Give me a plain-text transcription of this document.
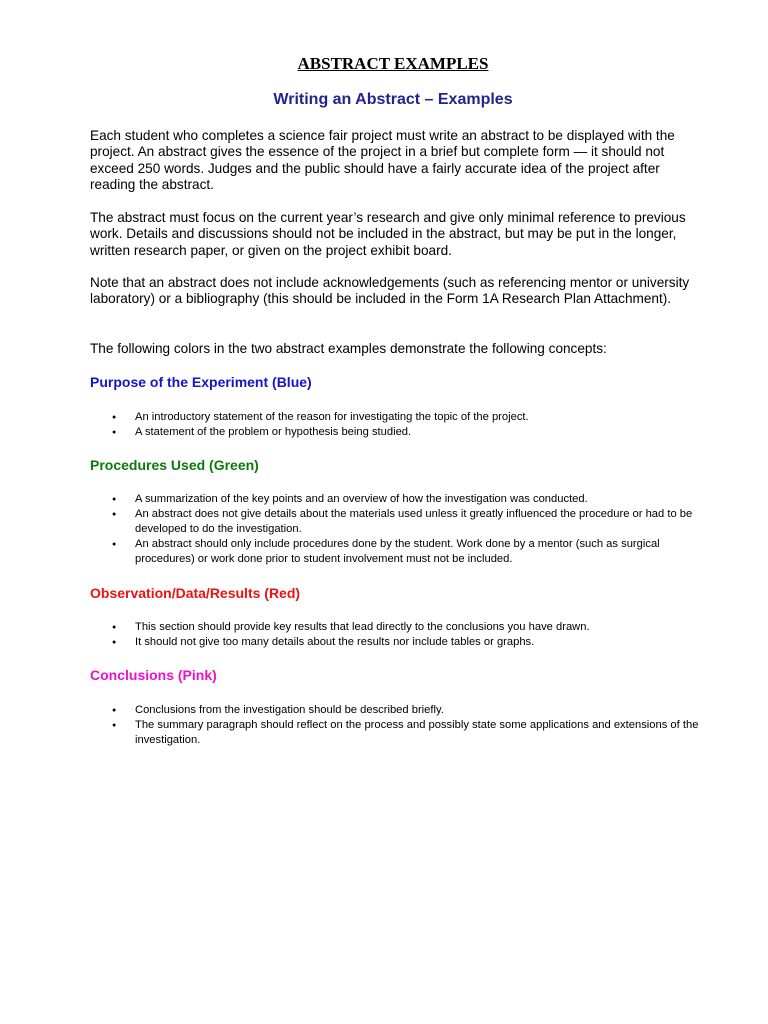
ABSTRACT EXAMPLES
Writing an Abstract – Examples

Each student who completes a science fair project must write an abstract to be displayed with the project. An abstract gives the essence of the project in a brief but complete form — it should not exceed 250 words. Judges and the public should have a fairly accurate idea of the project after reading the abstract.

The abstract must focus on the current year’s research and give only minimal reference to previous work. Details and discussions should not be included in the abstract, but may be put in the longer, written research paper, or given on the project exhibit board.

Note that an abstract does not include acknowledgements (such as referencing mentor or university laboratory) or a bibliography (this should be included in the Form 1A Research Plan Attachment).

The following colors in the two abstract examples demonstrate the following concepts:

Purpose of the Experiment (Blue)
● An introductory statement of the reason for investigating the topic of the project.
● A statement of the problem or hypothesis being studied.
Procedures Used (Green)
● A summarization of the key points and an overview of how the investigation was conducted.
● An abstract does not give details about the materials used unless it greatly influenced the procedure or had to be developed to do the investigation.
● An abstract should only include procedures done by the student. Work done by a mentor (such as surgical procedures) or work done prior to student involvement must not be included.
Observation/Data/Results (Red)
● This section should provide key results that lead directly to the conclusions you have drawn.
● It should not give too many details about the results nor include tables or graphs.
Conclusions (Pink)
● Conclusions from the investigation should be described briefly.
● The summary paragraph should reflect on the process and possibly state some applications and extensions of the investigation.
